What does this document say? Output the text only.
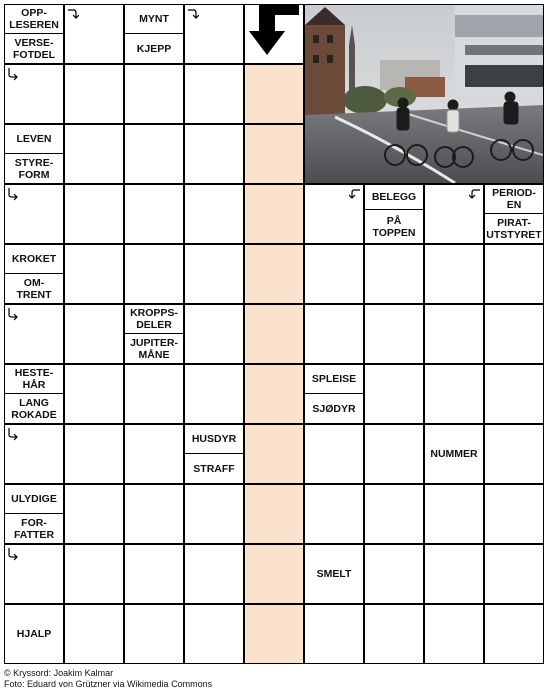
OPP-
LESEREN
VERSE-
FOTDEL
MYNT
KJEPP
LEVEN
STYRE-
FORM
BELEGG
PÅ
TOPPEN
PERIOD-
EN
PIRAT-
UTSTYRET
KROKET
OM-
TRENT
KROPPS-
DELER
JUPITER-
MÅNE
HESTE-
HÅR
LANG
ROKADE
SPLEISE
SJØDYR
HUSDYR
STRAFF
NUMMER
ULYDIGE
FOR-
FATTER
SMELT
HJALP
© Kryssord: Joakim Kalmar
Foto: Eduard von Grützner via Wikimedia Commons
